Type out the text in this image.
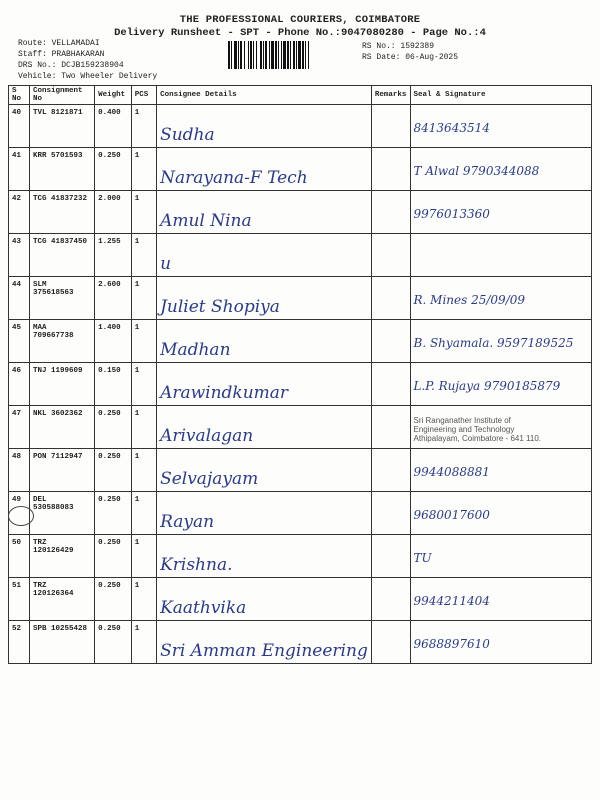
THE PROFESSIONAL COURIERS, COIMBATORE
Delivery Runsheet - SPT - Phone No.:9047080280 - Page No.:4
Route: VELLAMADAI
Staff: PRABHAKARAN
DRS No.: DCJB159238904
Vehicle: Two Wheeler Delivery
RS No.: 1592389
RS Date: 06-Aug-2025
S No	Consignment No	Weight	PCS	Consignee Details	Remarks	Seal & Signature
40	TVL 8121871	0.400	1	Sudha		8413643514
41	KRR 5701593	0.250	1	Narayana-F Tech		T Alwal 9790344088
42	TCG 41837232	2.000	1	Amul Nina		9976013360
43	TCG 41837450	1.255	1	u		
44	SLM 375618563	2.600	1	Juliet Shopiya		R. Mines 25/09/09
45	MAA 709667738	1.400	1	Madhan		B. Shyamala. 9597189525
46	TNJ 1199609	0.150	1	Arawindkumar		L.P. Rujaya 9790185879
47	NKL 3602362	0.250	1	Arivalagan		Sri Ranganather Institute of
Engineering and Technology
Athipalayam, Coimbatore - 641 110.

48	PON 7112947	0.250	1	Selvajayam		9944088881
49	DEL 530588083	0.250	1	Rayan		9680017600
50	TRZ 120126429	0.250	1	Krishna.		TU
51	TRZ 120126364	0.250	1	Kaathvika		9944211404
52	SPB 10255428	0.250	1	Sri Amman Engineering		9688897610
